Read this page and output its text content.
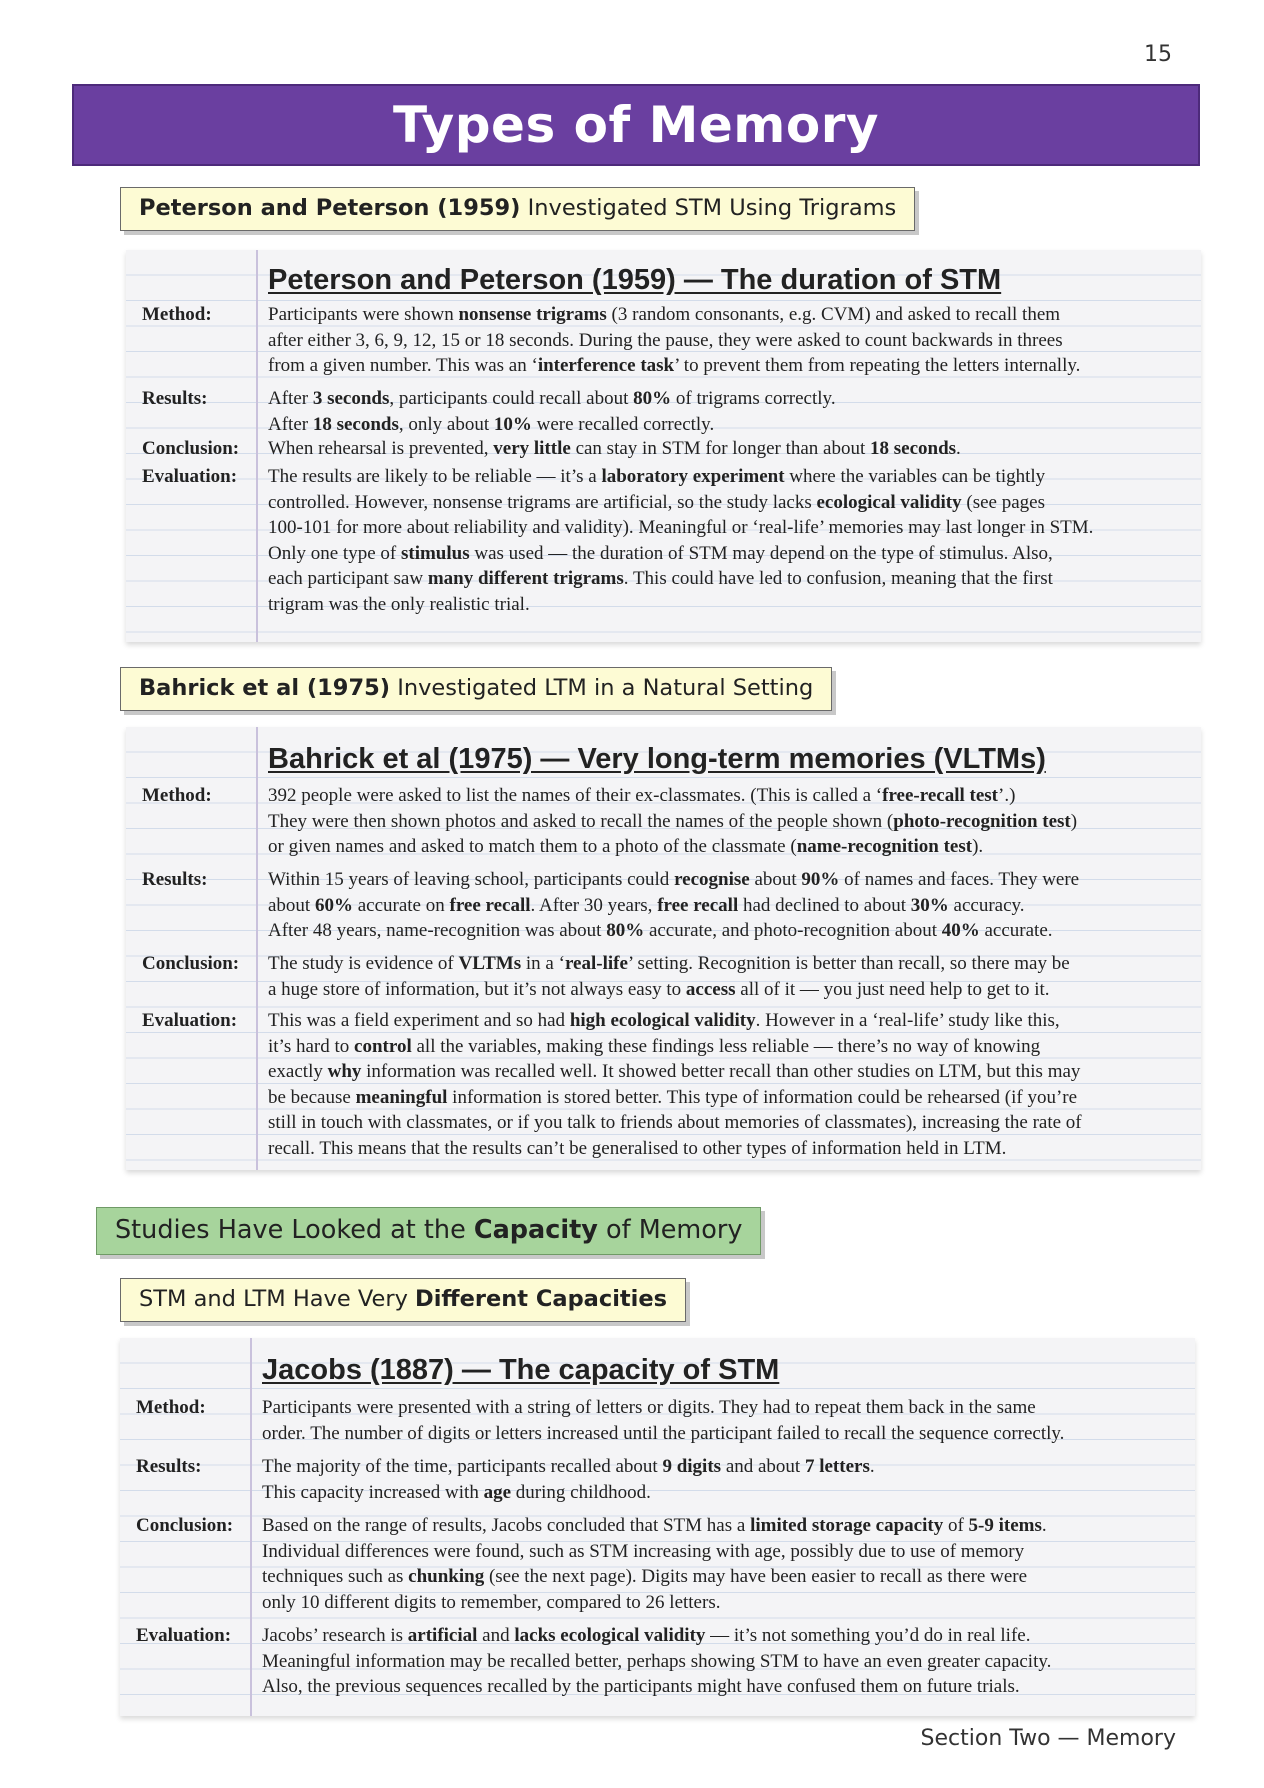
15
Types of Memory
Peterson and Peterson (1959) Investigated STM Using Trigrams
Peterson and Peterson (1959) — The duration of STM
Method:	Participants were shown nonsense trigrams (3 random consonants, e.g. CVM) and asked to recall them
after either 3, 6, 9, 12, 15 or 18 seconds. During the pause, they were asked to count backwards in threes
from a given number. This was an ‘interference task’ to prevent them from repeating the letters internally.
Results:	After 3 seconds, participants could recall about 80% of trigrams correctly.
After 18 seconds, only about 10% were recalled correctly.
Conclusion: When rehearsal is prevented, very little can stay in STM for longer than about 18 seconds.
Evaluation: The results are likely to be reliable — it’s a laboratory experiment where the variables can be tightly
controlled. However, nonsense trigrams are artificial, so the study lacks ecological validity (see pages
100-101 for more about reliability and validity). Meaningful or ‘real-life’ memories may last longer in STM.
Only one type of stimulus was used — the duration of STM may depend on the type of stimulus. Also,
each participant saw many different trigrams. This could have led to confusion, meaning that the first
trigram was the only realistic trial.
Bahrick et al (1975) Investigated LTM in a Natural Setting
Bahrick et al (1975) — Very long-term memories (VLTMs)
Method:	392 people were asked to list the names of their ex-classmates. (This is called a ‘free-recall test’.)
They were then shown photos and asked to recall the names of the people shown (photo-recognition test)
or given names and asked to match them to a photo of the classmate (name-recognition test).
Results:	Within 15 years of leaving school, participants could recognise about 90% of names and faces. They were
about 60% accurate on free recall. After 30 years, free recall had declined to about 30% accuracy.
After 48 years, name-recognition was about 80% accurate, and photo-recognition about 40% accurate.
Conclusion: The study is evidence of VLTMs in a ‘real-life’ setting. Recognition is better than recall, so there may be
a huge store of information, but it’s not always easy to access all of it — you just need help to get to it.
Evaluation: This was a field experiment and so had high ecological validity. However in a ‘real-life’ study like this,
it’s hard to control all the variables, making these findings less reliable — there’s no way of knowing
exactly why information was recalled well. It showed better recall than other studies on LTM, but this may
be because meaningful information is stored better. This type of information could be rehearsed (if you’re
still in touch with classmates, or if you talk to friends about memories of classmates), increasing the rate of
recall. This means that the results can’t be generalised to other types of information held in LTM.
Studies Have Looked at the Capacity of Memory
STM and LTM Have Very Different Capacities
Jacobs (1887) — The capacity of STM
Method:	Participants were presented with a string of letters or digits. They had to repeat them back in the same
order. The number of digits or letters increased until the participant failed to recall the sequence correctly.
Results:	The majority of the time, participants recalled about 9 digits and about 7 letters.
This capacity increased with age during childhood.
Conclusion: Based on the range of results, Jacobs concluded that STM has a limited storage capacity of 5-9 items.
Individual differences were found, such as STM increasing with age, possibly due to use of memory
techniques such as chunking (see the next page). Digits may have been easier to recall as there were
only 10 different digits to remember, compared to 26 letters.
Evaluation: Jacobs’ research is artificial and lacks ecological validity — it’s not something you’d do in real life.
Meaningful information may be recalled better, perhaps showing STM to have an even greater capacity.
Also, the previous sequences recalled by the participants might have confused them on future trials.
Section Two — Memory
